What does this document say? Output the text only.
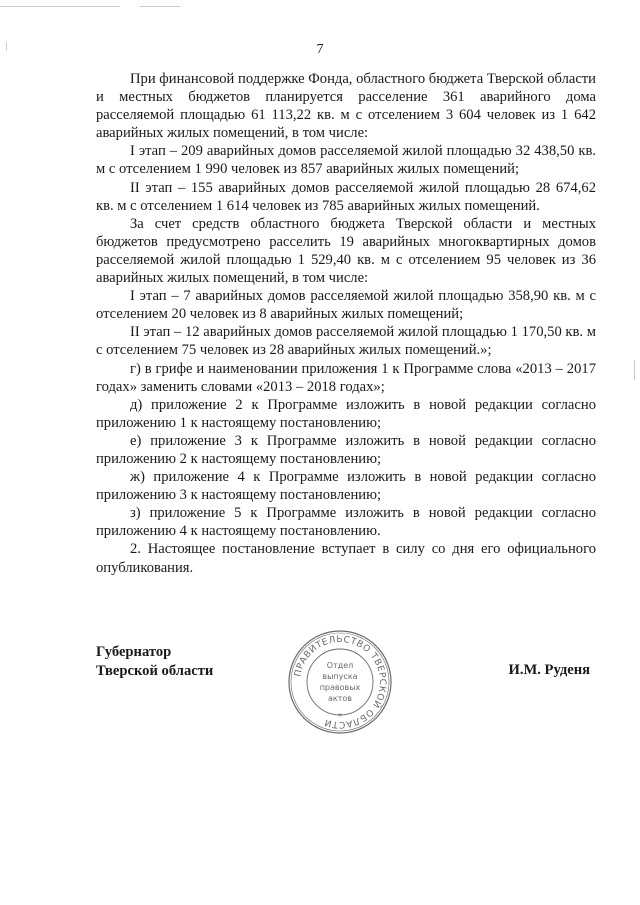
7

При финансовой поддержке Фонда, областного бюджета Тверской области и местных бюджетов планируется расселение 361 аварийного дома расселяемой площадью 61 113,22 кв. м с отселением 3 604 человек из 1 642 аварийных жилых помещений, в том числе:

I этап – 209 аварийных домов расселяемой жилой площадью 32 438,50 кв. м с отселением 1 990 человек из 857 аварийных жилых помещений;

II этап – 155 аварийных домов расселяемой жилой площадью 28 674,62 кв. м с отселением 1 614 человек из 785 аварийных жилых помещений.

За счет средств областного бюджета Тверской области и местных бюджетов предусмотрено расселить 19 аварийных многоквартирных домов расселяемой жилой площадью 1 529,40 кв. м с отселением 95 человек из 36 аварийных жилых помещений, в том числе:

I этап – 7 аварийных домов расселяемой жилой площадью 358,90 кв. м с отселением 20 человек из 8 аварийных жилых помещений;

II этап – 12 аварийных домов расселяемой жилой площадью 1 170,50 кв. м с отселением 75 человек из 28 аварийных жилых помещений.»;

г) в грифе и наименовании приложения 1 к Программе слова «2013 – 2017 годах» заменить словами «2013 – 2018 годах»;

д) приложение 2 к Программе изложить в новой редакции согласно приложению 1 к настоящему постановлению;

е) приложение 3 к Программе изложить в новой редакции согласно приложению 2 к настоящему постановлению;

ж) приложение 4 к Программе изложить в новой редакции согласно приложению 3 к настоящему постановлению;

з) приложение 5 к Программе изложить в новой редакции согласно приложению 4 к настоящему постановлению.

2. Настоящее постановление вступает в силу со дня его официального опубликования.

Губернатор
Тверской области	ПРАВИТЕЛЬСТВО ТВЕРСКОЙ ОБЛАСТИ
Отдел
выпуска
правовых
актов
*
И.М. Руденя
